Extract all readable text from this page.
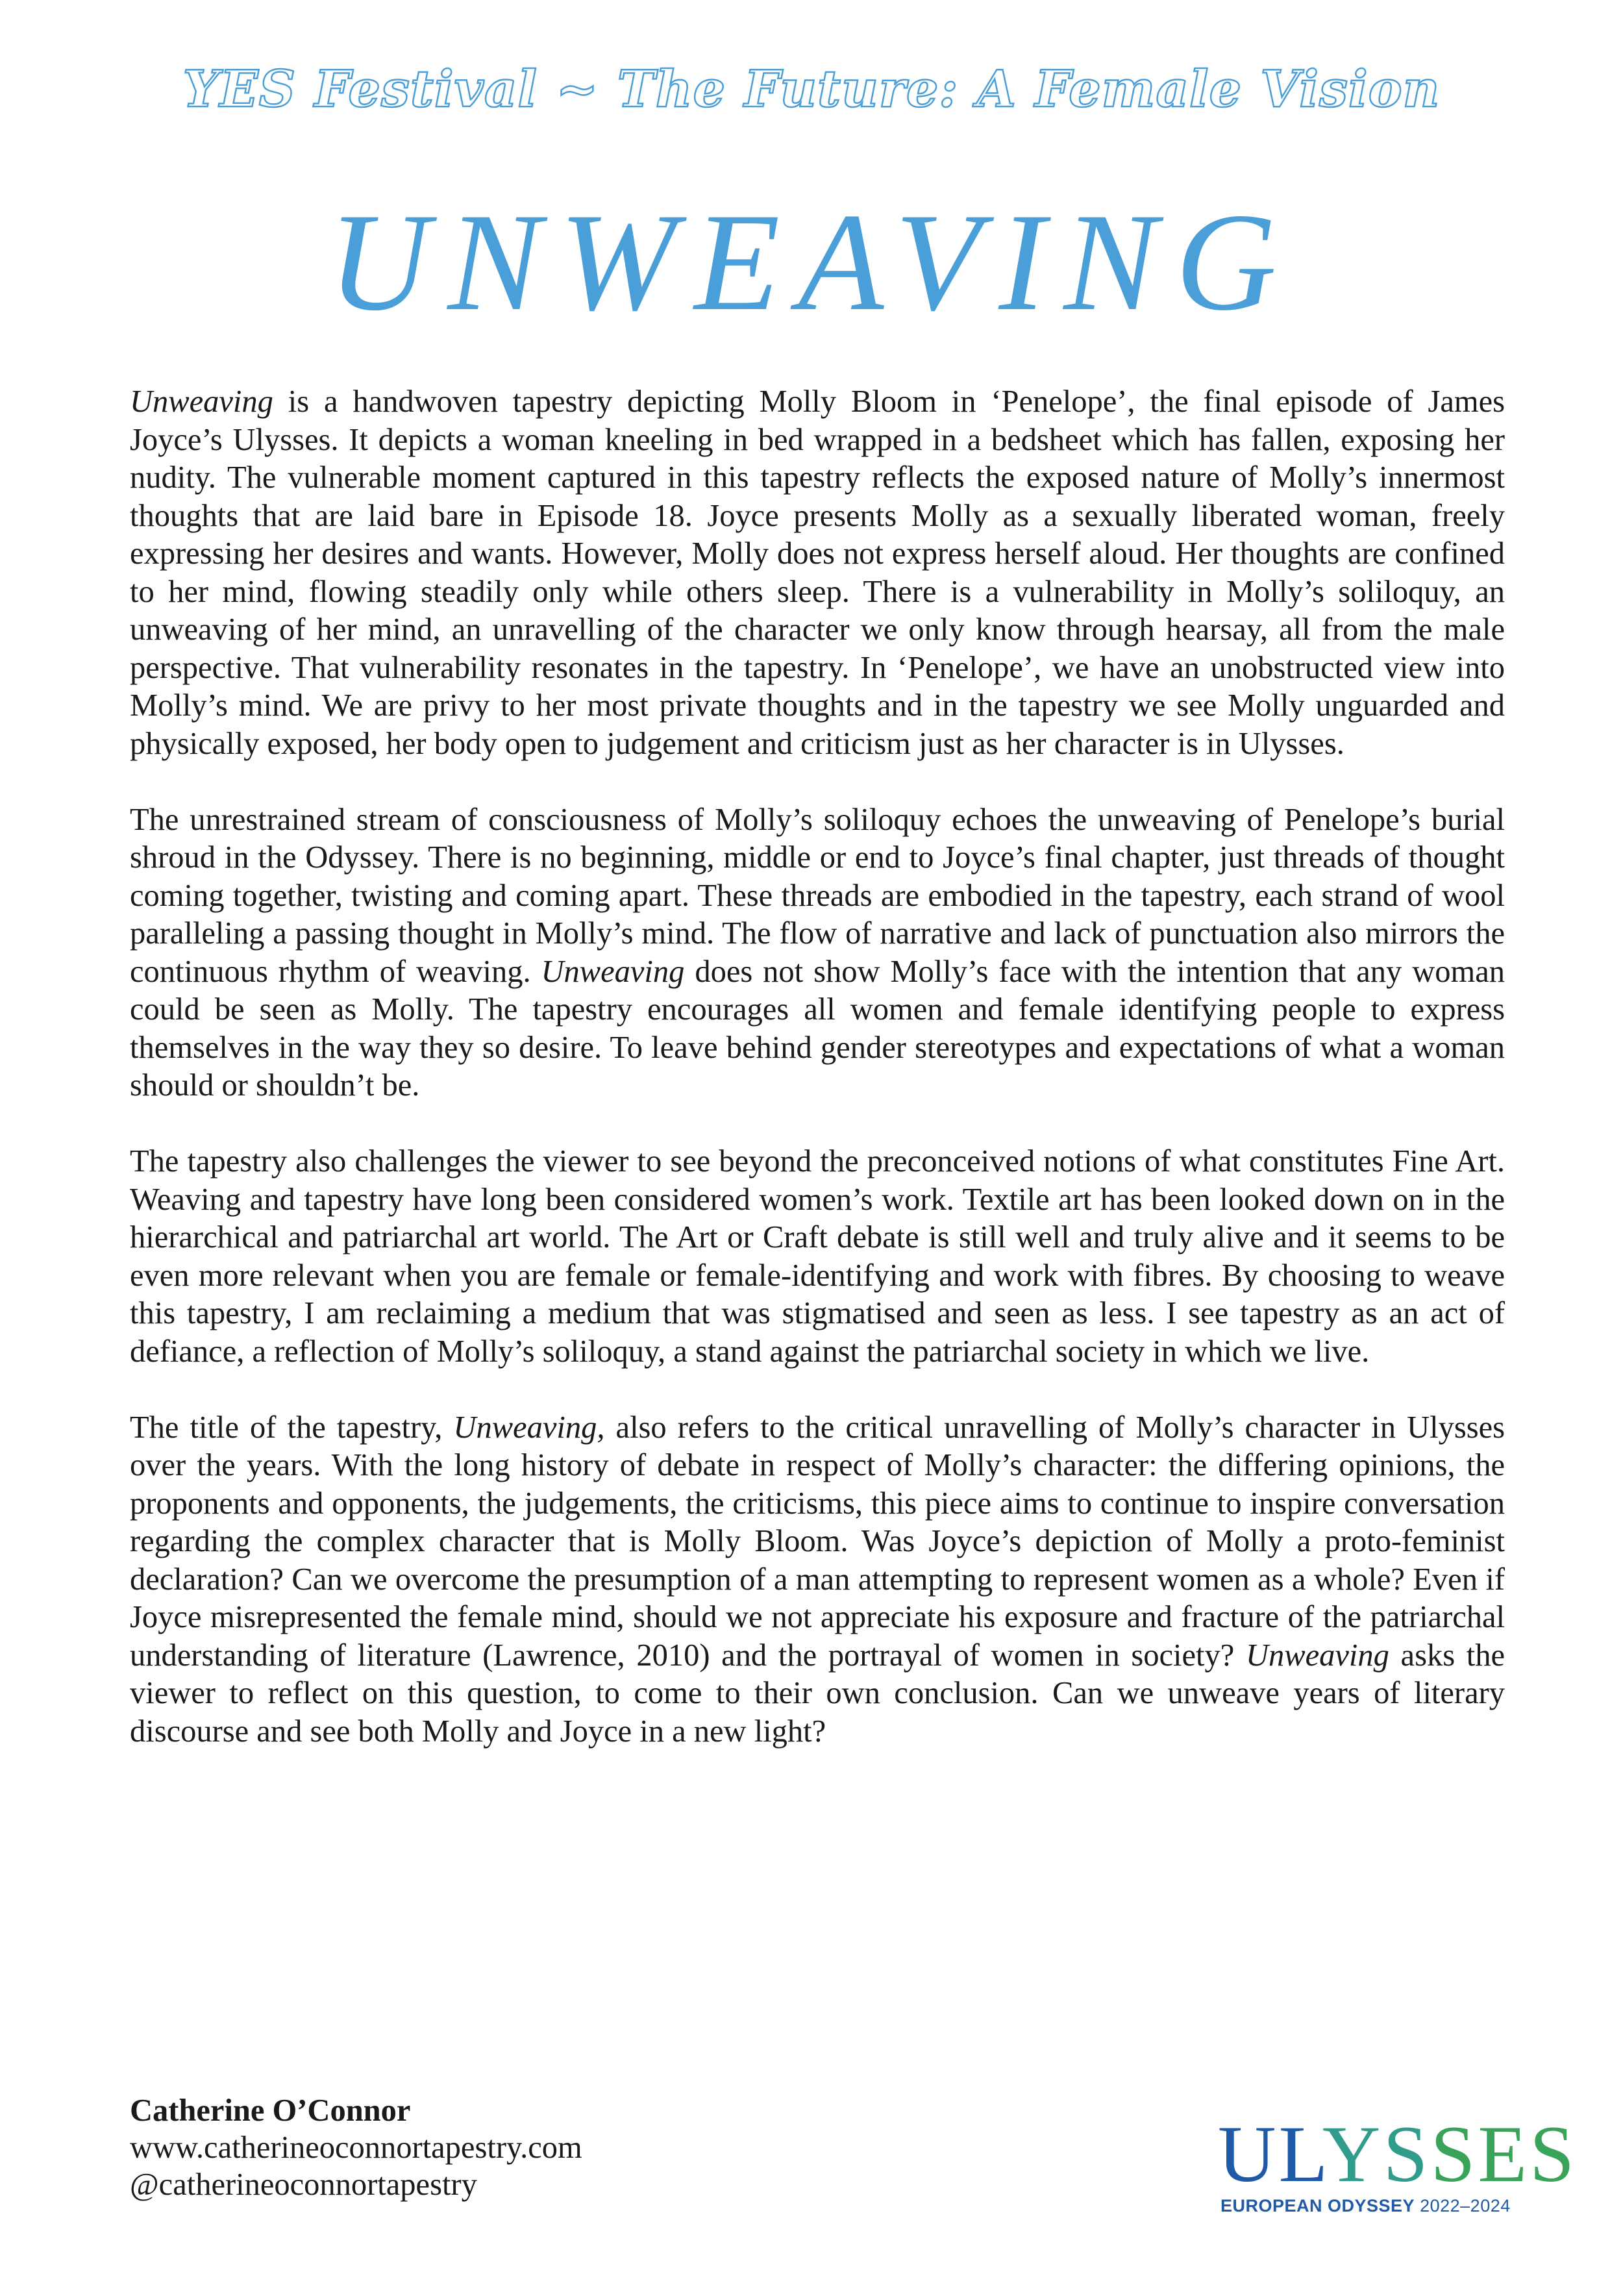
YES Festival ~ The Future: A Female Vision
UNWEAVING

Unweaving is a handwoven tapestry depicting Molly Bloom in ‘Penelope’, the final episode of James Joyce’s Ulysses. It depicts a woman kneeling in bed wrapped in a bedsheet which has fallen, exposing her nudity. The vulnerable moment captured in this tapestry reflects the exposed nature of Molly’s innermost thoughts that are laid bare in Episode 18. Joyce presents Molly as a sexually liberated woman, freely expressing her desires and wants. However, Molly does not express herself aloud. Her thoughts are confined to her mind, flowing steadily only while others sleep. There is a vulnerability in Molly’s soliloquy, an unweaving of her mind, an unravelling of the character we only know through hearsay, all from the male perspective. That vulnerability resonates in the tapestry. In ‘Penelope’, we have an unobstructed view into Molly’s mind. We are privy to her most private thoughts and in the tapestry we see Molly unguarded and physically exposed, her body open to judgement and criticism just as her character is in Ulysses.

The unrestrained stream of consciousness of Molly’s soliloquy echoes the unweaving of Penelope’s burial shroud in the Odyssey. There is no beginning, middle or end to Joyce’s final chapter, just threads of thought coming together, twisting and coming apart. These threads are embodied in the tapestry, each strand of wool paralleling a passing thought in Molly’s mind. The flow of narrative and lack of punctuation also mirrors the continuous rhythm of weaving. Unweaving does not show Molly’s face with the intention that any woman could be seen as Molly. The tapestry encourages all women and female identifying people to express themselves in the way they so desire. To leave behind gender stereotypes and expectations of what a woman should or shouldn’t be.

The tapestry also challenges the viewer to see beyond the preconceived notions of what constitutes Fine Art. Weaving and tapestry have long been considered women’s work. Textile art has been looked down on in the hierarchical and patriarchal art world. The Art or Craft debate is still well and truly alive and it seems to be even more relevant when you are female or female-identifying and work with fibres. By choosing to weave this tapestry, I am reclaiming a medium that was stigmatised and seen as less. I see tapestry as an act of defiance, a reflection of Molly’s soliloquy, a stand against the patriarchal society in which we live.

The title of the tapestry, Unweaving, also refers to the critical unravelling of Molly’s character in Ulysses over the years. With the long history of debate in respect of Molly’s character: the differing opinions, the proponents and opponents, the judgements, the criticisms, this piece aims to continue to inspire conversation regarding the complex character that is Molly Bloom. Was Joyce’s depiction of Molly a proto-feminist declaration? Can we overcome the presumption of a man attempting to represent women as a whole? Even if Joyce misrepresented the female mind, should we not appreciate his exposure and fracture of the patriarchal understanding of literature (Lawrence, 2010) and the portrayal of women in society? Unweaving asks the viewer to reflect on this question, to come to their own conclusion. Can we unweave years of literary discourse and see both Molly and Joyce in a new light?

Catherine O’Connor
www.catherineoconnortapestry.com
@catherineoconnortapestry	ULYSSES
EUROPEAN ODYSSEY 2022–2024
